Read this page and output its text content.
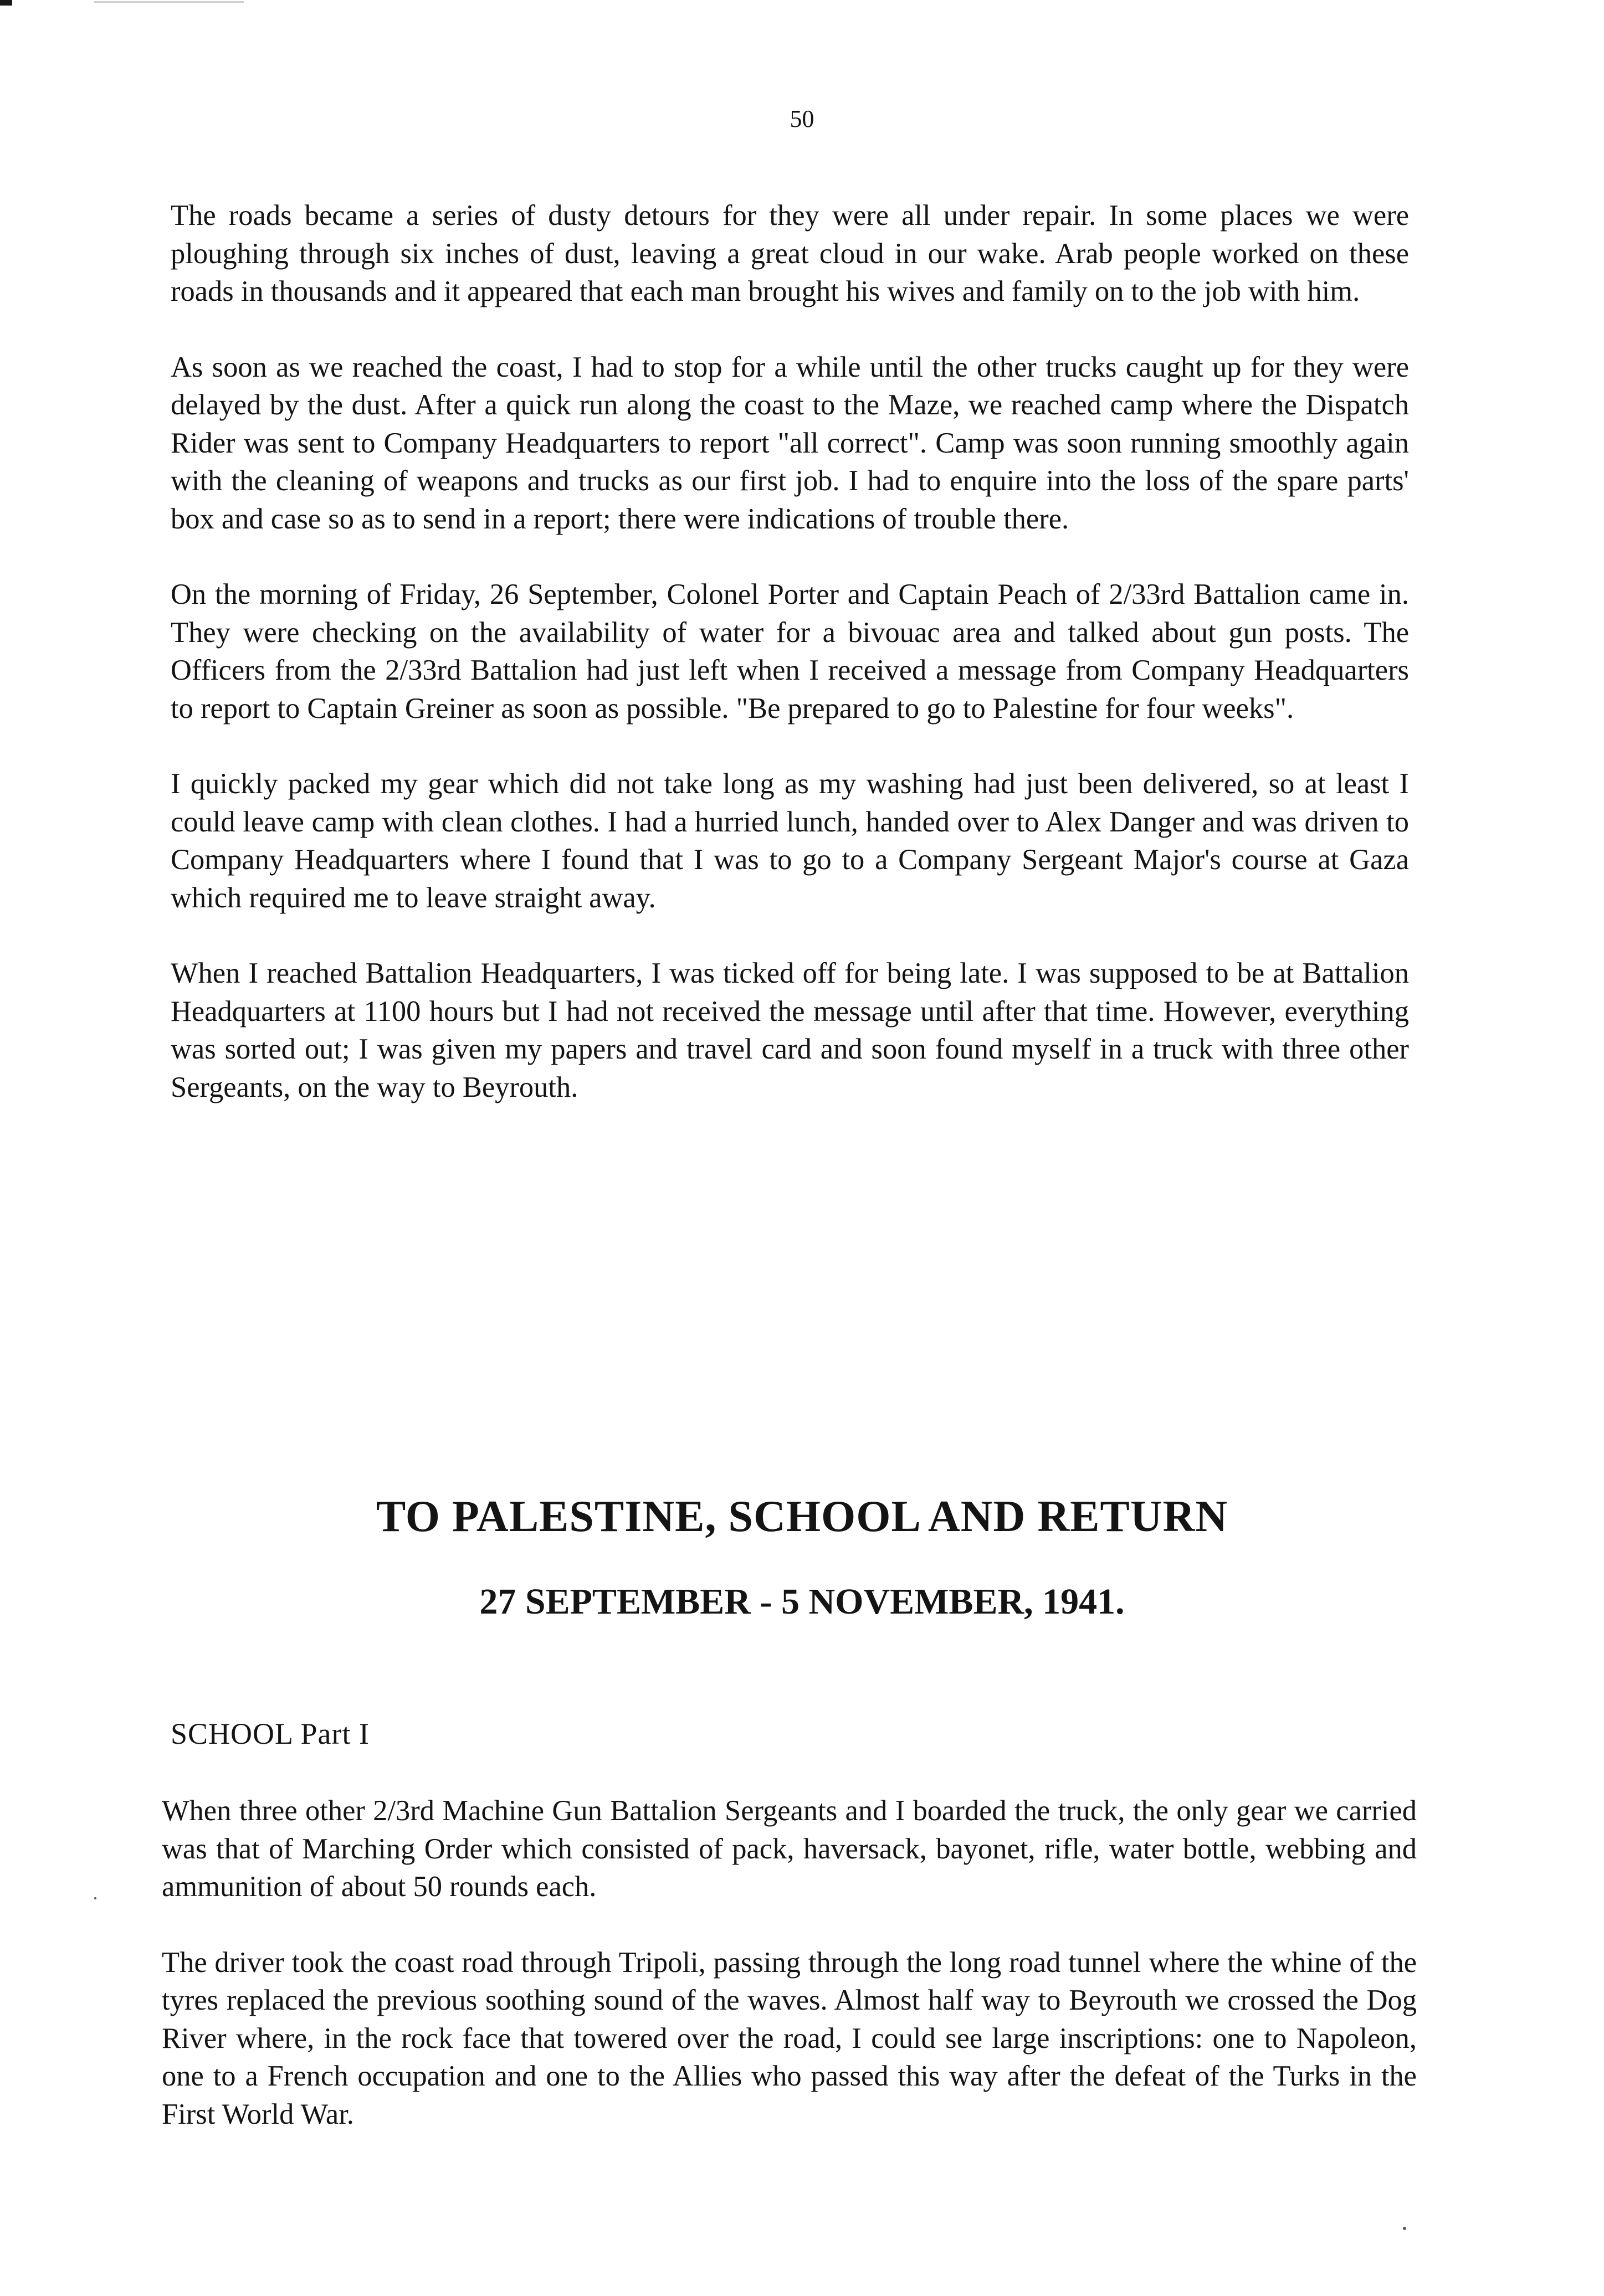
50

The roads became a series of dusty detours for they were all under repair. In some places we were ploughing through six inches of dust, leaving a great cloud in our wake. Arab people worked on these roads in thousands and it appeared that each man brought his wives and family on to the job with him.

As soon as we reached the coast, I had to stop for a while until the other trucks caught up for they were delayed by the dust. After a quick run along the coast to the Maze, we reached camp where the Dispatch Rider was sent to Company Headquarters to report "all correct". Camp was soon running smoothly again with the cleaning of weapons and trucks as our first job. I had to enquire into the loss of the spare parts' box and case so as to send in a report; there were indications of trouble there.

On the morning of Friday, 26 September, Colonel Porter and Captain Peach of 2/33rd Battalion came in. They were checking on the availability of water for a bivouac area and talked about gun posts. The Officers from the 2/33rd Battalion had just left when I received a message from Company Headquarters to report to Captain Greiner as soon as possible. "Be prepared to go to Palestine for four weeks".

I quickly packed my gear which did not take long as my washing had just been delivered, so at least I could leave camp with clean clothes. I had a hurried lunch, handed over to Alex Danger and was driven to Company Headquarters where I found that I was to go to a Company Sergeant Major's course at Gaza which required me to leave straight away.

When I reached Battalion Headquarters, I was ticked off for being late. I was supposed to be at Battalion Headquarters at 1100 hours but I had not received the message until after that time. However, everything was sorted out; I was given my papers and travel card and soon found myself in a truck with three other Sergeants, on the way to Beyrouth.

TO PALESTINE, SCHOOL AND RETURN
27 SEPTEMBER - 5 NOVEMBER, 1941.
SCHOOL Part I

When three other 2/3rd Machine Gun Battalion Sergeants and I boarded the truck, the only gear we carried was that of Marching Order which consisted of pack, haversack, bayonet, rifle, water bottle, webbing and ammunition of about 50 rounds each.

The driver took the coast road through Tripoli, passing through the long road tunnel where the whine of the tyres replaced the previous soothing sound of the waves. Almost half way to Beyrouth we crossed the Dog River where, in the rock face that towered over the road, I could see large inscriptions: one to Napoleon, one to a French occupation and one to the Allies who passed this way after the defeat of the Turks in the First World War.
